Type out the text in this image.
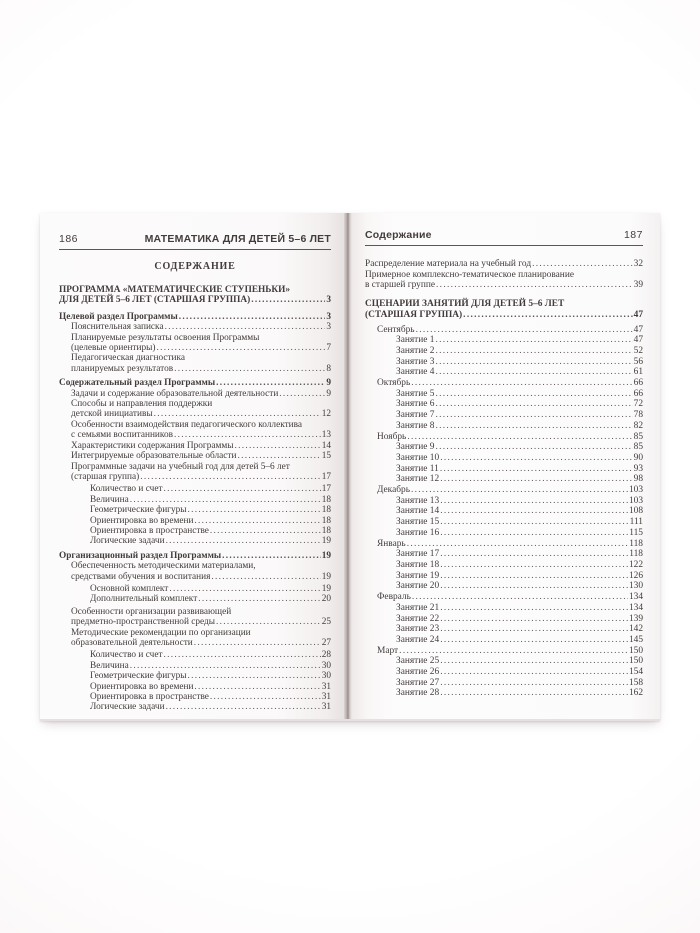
186	МАТЕМАТИКА ДЛЯ ДЕТЕЙ 5–6 ЛЕТ
СОДЕРЖАНИЕ
ПРОГРАММА «МАТЕМАТИЧЕСКИЕ СТУПЕНЬКИ»
ДЛЯ ДЕТЕЙ 5–6 ЛЕТ (СТАРШАЯ ГРУППА) .....	3
Целевой раздел Программы .....	3
Пояснительная записка .....	3
Планируемые результаты освоения Программы
(целевые ориентиры) .....	7
Педагогическая диагностика
планируемых результатов .....	8
Содержательный раздел Программы .....	9
Задачи и содержание образовательной деятельности .....	9
Способы и направления поддержки
детской инициативы .....	12
Особенности взаимодействия педагогического коллектива
с семьями воспитанников .....	13
Характеристики содержания Программы .....	14
Интегрируемые образовательные области .....	15
Программные задачи на учебный год для детей 5–6 лет
(старшая группа) .....	17
Количество и счет .....	17
Величина .....	18
Геометрические фигуры .....	18
Ориентировка во времени .....	18
Ориентировка в пространстве .....	18
Логические задачи .....	19
Организационный раздел Программы .....	19
Обеспеченность методическими материалами,
средствами обучения и воспитания .....	19
Основной комплект .....	19
Дополнительный комплект .....	20
Особенности организации развивающей
предметно-пространственной среды .....	25
Методические рекомендации по организации
образовательной деятельности .....	27
Количество и счет .....	28
Величина .....	30
Геометрические фигуры .....	30
Ориентировка во времени .....	31
Ориентировка в пространстве .....	31
Логические задачи .....	31
Содержание	187
Распределение материала на учебный год .....	32
Примерное комплексно-тематическое планирование
в старшей группе .....	39
СЦЕНАРИИ ЗАНЯТИЙ ДЛЯ ДЕТЕЙ 5–6 ЛЕТ
(СТАРШАЯ ГРУППА) .....	47
Сентябрь .....	47
Занятие 1 .....	47
Занятие 2 .....	52
Занятие 3 .....	56
Занятие 4 .....	61
Октябрь .....	66
Занятие 5 .....	66
Занятие 6 .....	72
Занятие 7 .....	78
Занятие 8 .....	82
Ноябрь .....	85
Занятие 9 .....	85
Занятие 10 .....	90
Занятие 11 .....	93
Занятие 12 .....	98
Декабрь .....	103
Занятие 13 .....	103
Занятие 14 .....	108
Занятие 15 .....	111
Занятие 16 .....	115
Январь .....	118
Занятие 17 .....	118
Занятие 18 .....	122
Занятие 19 .....	126
Занятие 20 .....	130
Февраль .....	134
Занятие 21 .....	134
Занятие 22 .....	139
Занятие 23 .....	142
Занятие 24 .....	145
Март .....	150
Занятие 25 .....	150
Занятие 26 .....	154
Занятие 27 .....	158
Занятие 28 .....	162
